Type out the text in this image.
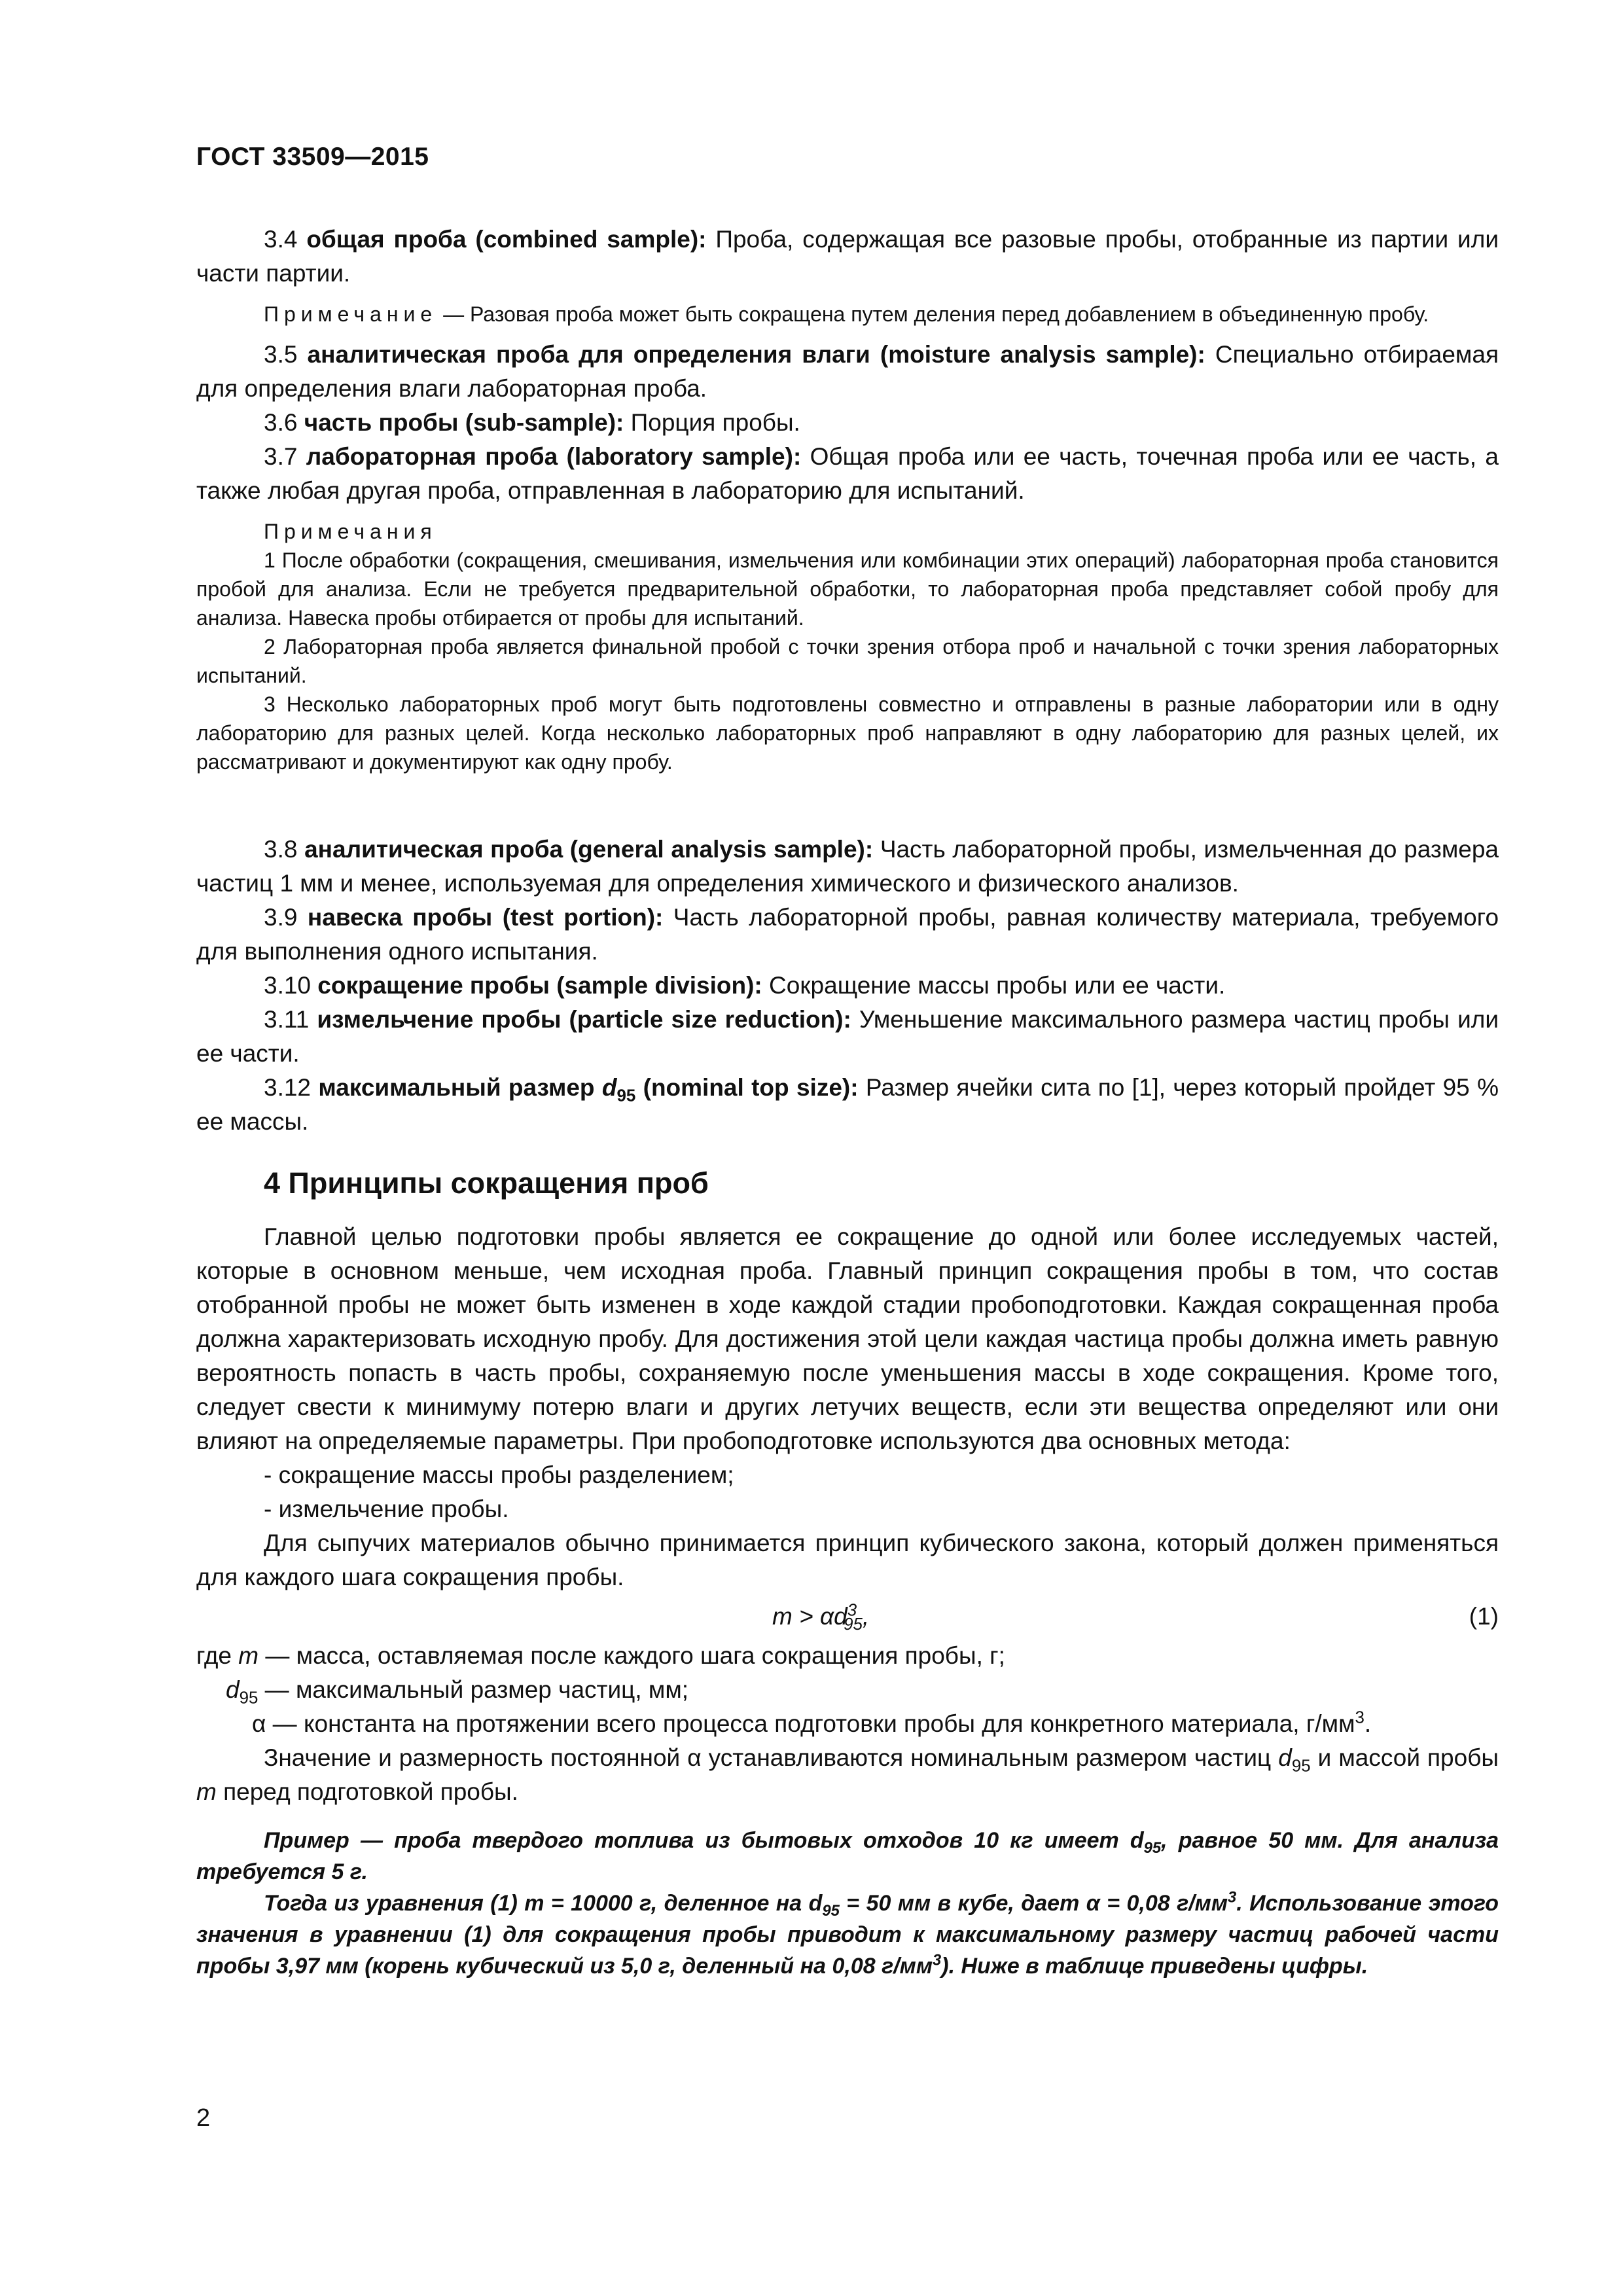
ГОСТ 33509—2015

3.4 общая проба (combined sample): Проба, содержащая все разовые пробы, отобранные из партии или части партии.

Примечание — Разовая проба может быть сокращена путем деления перед добавлением в объединенную пробу.

3.5 аналитическая проба для определения влаги (moisture analysis sample): Специально отбираемая для определения влаги лабораторная проба.

3.6 часть пробы (sub-sample): Порция пробы.

3.7 лабораторная проба (laboratory sample): Общая проба или ее часть, точечная проба или ее часть, а также любая другая проба, отправленная в лабораторию для испытаний.

Примечания

1 После обработки (сокращения, смешивания, измельчения или комбинации этих операций) лабораторная проба становится пробой для анализа. Если не требуется предварительной обработки, то лабораторная проба представляет собой пробу для анализа. Навеска пробы отбирается от пробы для испытаний.

2 Лабораторная проба является финальной пробой с точки зрения отбора проб и начальной с точки зрения лабораторных испытаний.

3 Несколько лабораторных проб могут быть подготовлены совместно и отправлены в разные лаборатории или в одну лабораторию для разных целей. Когда несколько лабораторных проб направляют в одну лабораторию для разных целей, их рассматривают и документируют как одну пробу.

3.8 аналитическая проба (general analysis sample): Часть лабораторной пробы, измельченная до размера частиц 1 мм и менее, используемая для определения химического и физического анализов.

3.9 навеска пробы (test portion): Часть лабораторной пробы, равная количеству материала, требуемого для выполнения одного испытания.

3.10 сокращение пробы (sample division): Сокращение массы пробы или ее части.

3.11 измельчение пробы (particle size reduction): Уменьшение максимального размера частиц пробы или ее части.

3.12 максимальный размер $d_{95}$ (nominal top size): Размер ячейки сита по [1], через который пройдет 95 % ее массы.

4 Принципы сокращения проб

Главной целью подготовки пробы является ее сокращение до одной или более исследуемых частей, которые в основном меньше, чем исходная проба. Главный принцип сокращения пробы в том, что состав отобранной пробы не может быть изменен в ходе каждой стадии пробоподготовки. Каждая сокращенная проба должна характеризовать исходную пробу. Для достижения этой цели каждая частица пробы должна иметь равную вероятность попасть в часть пробы, сохраняемую после уменьшения массы в ходе сокращения. Кроме того, следует свести к минимуму потерю влаги и других летучих веществ, если эти вещества определяют или они влияют на определяемые параметры. При пробоподготовке используются два основных метода:

- сокращение массы пробы разделением;

- измельчение пробы.

Для сыпучих материалов обычно принимается принцип кубического закона, который должен применяться для каждого шага сокращения пробы.

$m > \alpha d^3_{95}$,	(1)

где m — масса, оставляемая после каждого шага сокращения пробы, г;

$d_{95}$ — максимальный размер частиц, мм;

α — константа на протяжении всего процесса подготовки пробы для конкретного материала, $г/мм^3$.

Значение и размерность постоянной α устанавливаются номинальным размером частиц $d_{95}$ и массой пробы m перед подготовкой пробы.

Пример — проба твердого топлива из бытовых отходов 10 кг имеет $d_{95}$, равное 50 мм. Для анализа требуется 5 г.

Тогда из уравнения (1) m = 10000 г, деленное на $d_{95} = 50$ мм в кубе, дает α = 0,08 $г/мм^3$. Использование этого значения в уравнении (1) для сокращения пробы приводит к максимальному размеру частиц рабочей части пробы 3,97 мм (корень кубический из 5,0 г, деленный на 0,08 $г/мм^3$). Ниже в таблице приведены цифры.

2
